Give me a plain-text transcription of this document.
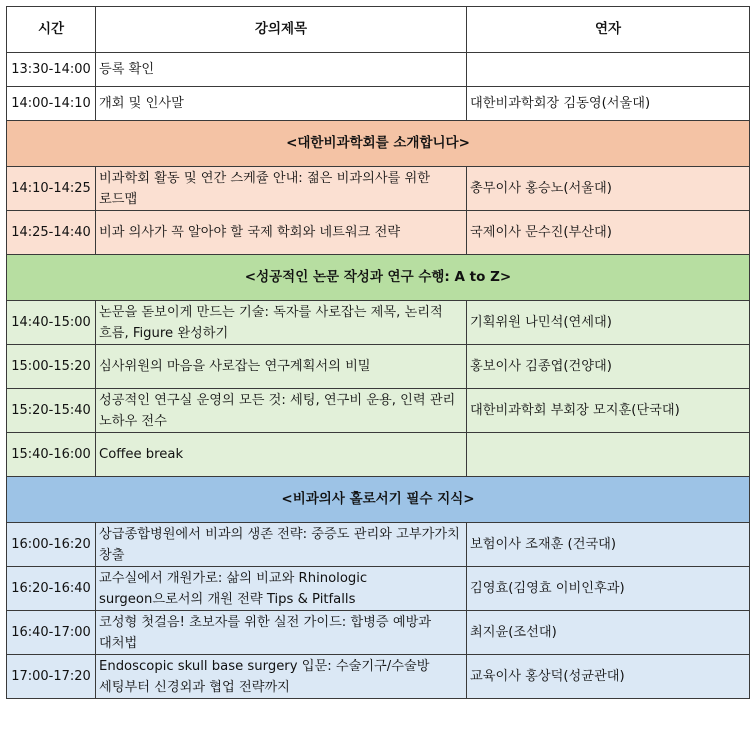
시간	강의제목	연자
13:30-14:00	등록 확인	
14:00-14:10	개회 및 인사말	대한비과학회장 김동영(서울대)
<대한비과학회를 소개합니다>		
14:10-14:25	비과학회 활동 및 연간 스케쥴 안내: 젊은 비과의사를 위한 로드맵	총무이사 홍승노(서울대)
14:25-14:40	비과 의사가 꼭 알아야 할 국제 학회와 네트워크 전략	국제이사 문수진(부산대)
<성공적인 논문 작성과 연구 수행: A to Z>		
14:40-15:00	논문을 돋보이게 만드는 기술: 독자를 사로잡는 제목, 논리적 흐름, Figure 완성하기	기획위원 나민석(연세대)
15:00-15:20	심사위원의 마음을 사로잡는 연구계획서의 비밀	홍보이사 김종엽(건양대)
15:20-15:40	성공적인 연구실 운영의 모든 것: 세팅, 연구비 운용, 인력 관리 노하우 전수	대한비과학회 부회장 모지훈(단국대)
15:40-16:00	Coffee break	
<비과의사 홀로서기 필수 지식>		
16:00-16:20	상급종합병원에서 비과의 생존 전략: 중증도 관리와 고부가가치 창출	보험이사 조재훈 (건국대)
16:20-16:40	교수실에서 개원가로: 삶의 비교와 Rhinologic surgeon으로서의 개원 전략 Tips & Pitfalls	김영효(김영효 이비인후과)
16:40-17:00	코성형 첫걸음! 초보자를 위한 실전 가이드: 합병증 예방과 대처법	최지윤(조선대)
17:00-17:20	Endoscopic skull base surgery 입문: 수술기구/수술방 세팅부터 신경외과 협업 전략까지	교육이사 홍상덕(성균관대)
